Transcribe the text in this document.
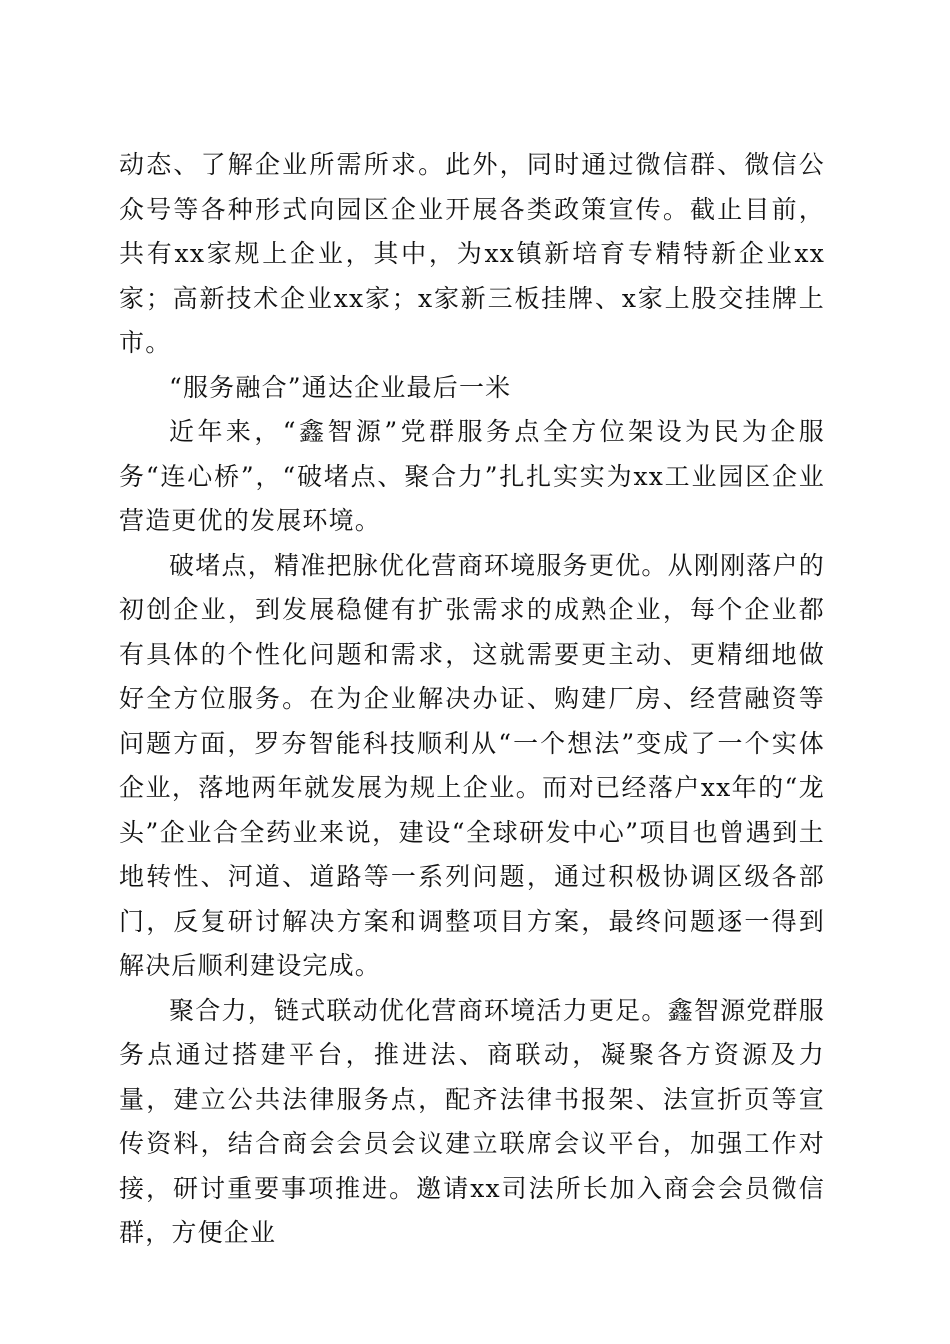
动态、了解企业所需所求。此外，同时通过微信群、微信公众号等各种形式向园区企业开展各类政策宣传。截止目前，共有xx家规上企业，其中，为xx镇新培育专精特新企业xx家；高新技术企业xx家；x家新三板挂牌、x家上股交挂牌上市。

“服务融合”通达企业最后一米

近年来，“鑫智源”党群服务点全方位架设为民为企服务“连心桥”，“破堵点、聚合力”扎扎实实为xx工业园区企业营造更优的发展环境。

破堵点，精准把脉优化营商环境服务更优。从刚刚落户的初创企业，到发展稳健有扩张需求的成熟企业，每个企业都有具体的个性化问题和需求，这就需要更主动、更精细地做好全方位服务。在为企业解决办证、购建厂房、经营融资等问题方面，罗夯智能科技顺利从“一个想法”变成了一个实体企业，落地两年就发展为规上企业。而对已经落户xx年的“龙头”企业合全药业来说，建设“全球研发中心”项目也曾遇到土地转性、河道、道路等一系列问题，通过积极协调区级各部门，反复研讨解决方案和调整项目方案，最终问题逐一得到解决后顺利建设完成。

聚合力，链式联动优化营商环境活力更足。鑫智源党群服务点通过搭建平台，推进法、商联动，凝聚各方资源及力量，建立公共法律服务点，配齐法律书报架、法宣折页等宣传资料，结合商会会员会议建立联席会议平台，加强工作对接，研讨重要事项推进。邀请xx司法所长加入商会会员微信群，方便企业
